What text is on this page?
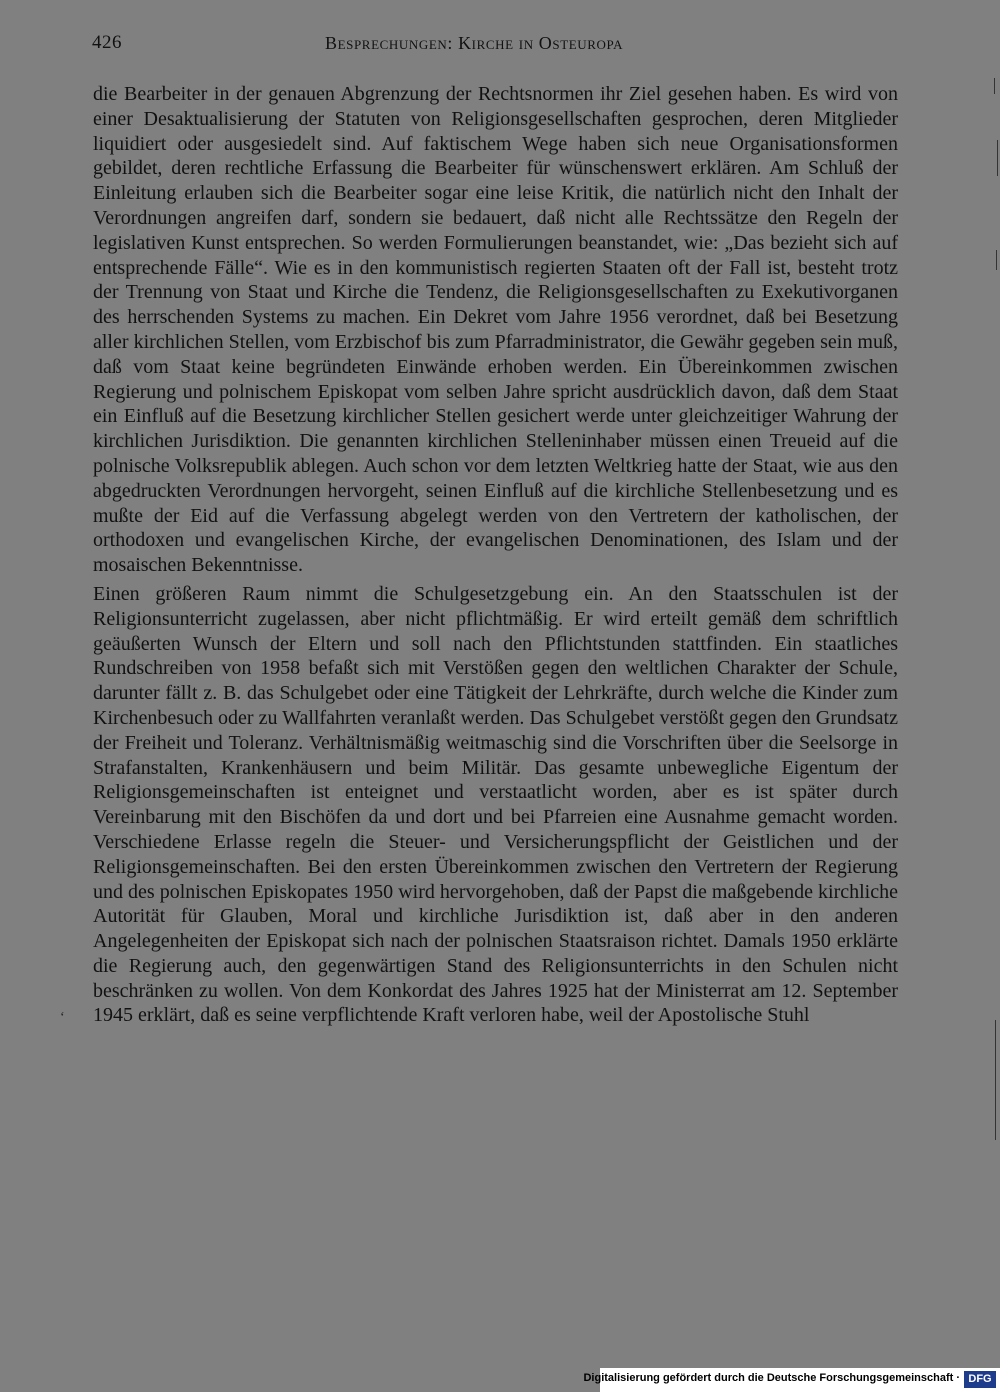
426	Besprechungen: Kirche in Osteuropa

die Bearbeiter in der genauen Abgrenzung der Rechtsnormen ihr Ziel gesehen haben. Es wird von einer Desaktualisierung der Statuten von Religionsgesellschaften gesprochen, deren Mitglieder liquidiert oder ausgesiedelt sind. Auf faktischem Wege haben sich neue Organisationsformen gebildet, deren rechtliche Erfassung die Bearbeiter für wünschenswert erklären. Am Schluß der Einleitung erlauben sich die Bearbeiter sogar eine leise Kritik, die natürlich nicht den Inhalt der Verordnungen angreifen darf, sondern sie bedauert, daß nicht alle Rechtssätze den Regeln der legislativen Kunst entsprechen. So werden Formulierungen beanstandet, wie: „Das bezieht sich auf entsprechende Fälle“. Wie es in den kommunistisch regierten Staaten oft der Fall ist, besteht trotz der Trennung von Staat und Kirche die Tendenz, die Religionsgesellschaften zu Exekutivorganen des herrschenden Systems zu machen. Ein Dekret vom Jahre 1956 verordnet, daß bei Besetzung aller kirchlichen Stellen, vom Erzbischof bis zum Pfarradministrator, die Gewähr gegeben sein muß, daß vom Staat keine begründeten Einwände erhoben werden. Ein Übereinkommen zwischen Regierung und polnischem Episkopat vom selben Jahre spricht ausdrücklich davon, daß dem Staat ein Einfluß auf die Besetzung kirchlicher Stellen gesichert werde unter gleichzeitiger Wahrung der kirchlichen Jurisdiktion. Die genannten kirchlichen Stelleninhaber müssen einen Treueid auf die polnische Volksrepublik ablegen. Auch schon vor dem letzten Weltkrieg hatte der Staat, wie aus den abgedruckten Verordnungen hervorgeht, seinen Einfluß auf die kirchliche Stellenbesetzung und es mußte der Eid auf die Verfassung abgelegt werden von den Vertretern der katholischen, der orthodoxen und evangelischen Kirche, der evangelischen Denominationen, des Islam und der mosaischen Bekenntnisse.

Einen größeren Raum nimmt die Schulgesetzgebung ein. An den Staatsschulen ist der Religionsunterricht zugelassen, aber nicht pflichtmäßig. Er wird erteilt gemäß dem schriftlich geäußerten Wunsch der Eltern und soll nach den Pflichtstunden stattfinden. Ein staatliches Rundschreiben von 1958 befaßt sich mit Verstößen gegen den weltlichen Charakter der Schule, darunter fällt z. B. das Schulgebet oder eine Tätigkeit der Lehrkräfte, durch welche die Kinder zum Kirchenbesuch oder zu Wallfahrten veranlaßt werden. Das Schulgebet verstößt gegen den Grundsatz der Freiheit und Toleranz. Verhältnismäßig weitmaschig sind die Vorschriften über die Seelsorge in Strafanstalten, Krankenhäusern und beim Militär. Das gesamte unbewegliche Eigentum der Religionsgemeinschaften ist enteignet und verstaatlicht worden, aber es ist später durch Vereinbarung mit den Bischöfen da und dort und bei Pfarreien eine Ausnahme gemacht worden. Verschiedene Erlasse regeln die Steuer- und Versicherungspflicht der Geistlichen und der Religionsgemeinschaften. Bei den ersten Übereinkommen zwischen den Vertretern der Regierung und des polnischen Episkopates 1950 wird hervorgehoben, daß der Papst die maßgebende kirchliche Autorität für Glauben, Moral und kirchliche Jurisdiktion ist, daß aber in den anderen Angelegenheiten der Episkopat sich nach der polnischen Staatsraison richtet. Damals 1950 erklärte die Regierung auch, den gegenwärtigen Stand des Religionsunterrichts in den Schulen nicht beschränken zu wollen. Von dem Konkordat des Jahres 1925 hat der Ministerrat am 12. September 1945 erklärt, daß es seine verpflichtende Kraft verloren habe, weil der Apostolische Stuhl

‘
Digitalisierung gefördert durch die Deutsche Forschungsgemeinschaft · DFG
